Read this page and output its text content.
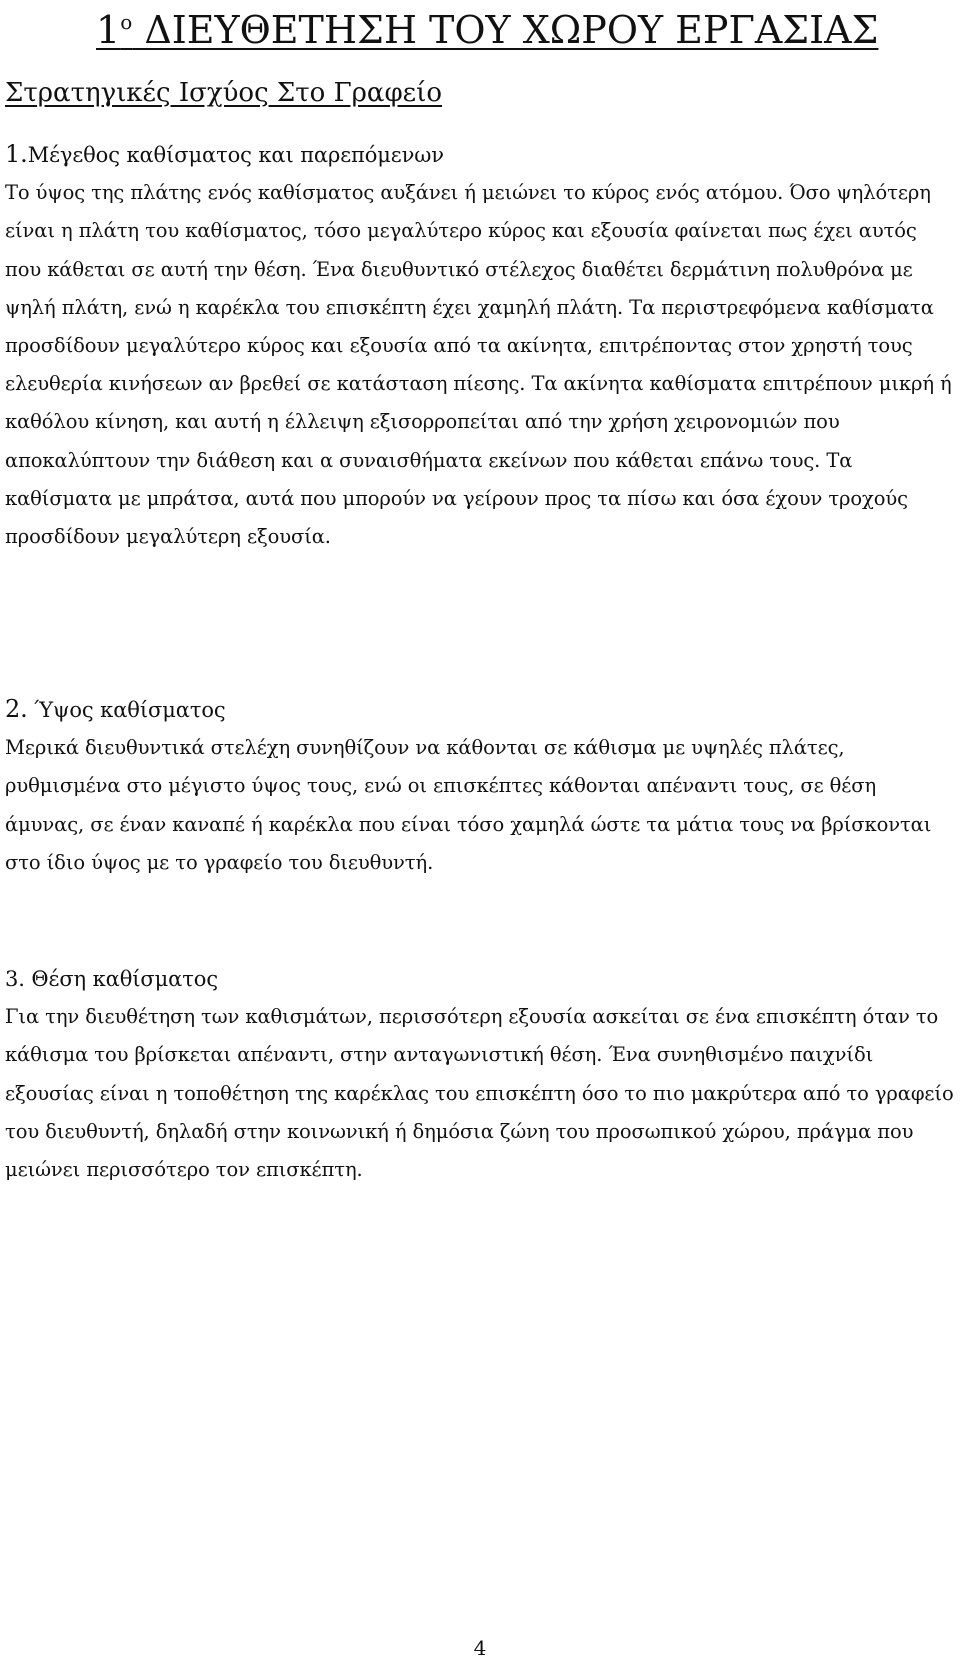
$1^o$ ΔΙΕΥΘΕΤΗΣΗ ΤΟΥ ΧΩΡΟΥ ΕΡΓΑΣΙΑΣ
Στρατηγικές Ισχύος Στο Γραφείο
1.Μέγεθος καθίσματος και παρεπόμενων

Το ύψος της πλάτης ενός καθίσματος αυξάνει ή μειώνει το κύρος ενός ατόμου. Όσο ψηλότερη είναι η πλάτη του καθίσματος, τόσο μεγαλύτερο κύρος και εξουσία φαίνεται πως έχει αυτός που κάθεται σε αυτή την θέση. Ένα διευθυντικό στέλεχος διαθέτει δερμάτινη πολυθρόνα με ψηλή πλάτη, ενώ η καρέκλα του επισκέπτη έχει χαμηλή πλάτη. Τα περιστρεφόμενα καθίσματα προσδίδουν μεγαλύτερο κύρος και εξουσία από τα ακίνητα, επιτρέποντας στον χρηστή τους ελευθερία κινήσεων αν βρεθεί σε κατάσταση πίεσης. Τα ακίνητα καθίσματα επιτρέπουν μικρή ή καθόλου κίνηση, και αυτή η έλλειψη εξισορροπείται από την χρήση χειρονομιών που αποκαλύπτουν την διάθεση και α συναισθήματα εκείνων που κάθεται επάνω τους. Τα καθίσματα με μπράτσα, αυτά που μπορούν να γείρουν προς τα πίσω και όσα έχουν τροχούς προσδίδουν μεγαλύτερη εξουσία.

2. Ύψος καθίσματος

Μερικά διευθυντικά στελέχη συνηθίζουν να κάθονται σε κάθισμα με υψηλές πλάτες, ρυθμισμένα στο μέγιστο ύψος τους, ενώ οι επισκέπτες κάθονται απέναντι τους, σε θέση άμυνας, σε έναν καναπέ ή καρέκλα που είναι τόσο χαμηλά ώστε τα μάτια τους να βρίσκονται στο ίδιο ύψος με το γραφείο του διευθυντή.

3. Θέση καθίσματος

Για την διευθέτηση των καθισμάτων, περισσότερη εξουσία ασκείται σε ένα επισκέπτη όταν το κάθισμα του βρίσκεται απέναντι, στην ανταγωνιστική θέση. Ένα συνηθισμένο παιχνίδι εξουσίας είναι η τοποθέτηση της καρέκλας του επισκέπτη όσο το πιο μακρύτερα από το γραφείο του διευθυντή, δηλαδή στην κοινωνική ή δημόσια ζώνη του προσωπικού χώρου, πράγμα που μειώνει περισσότερο τον επισκέπτη.

4
